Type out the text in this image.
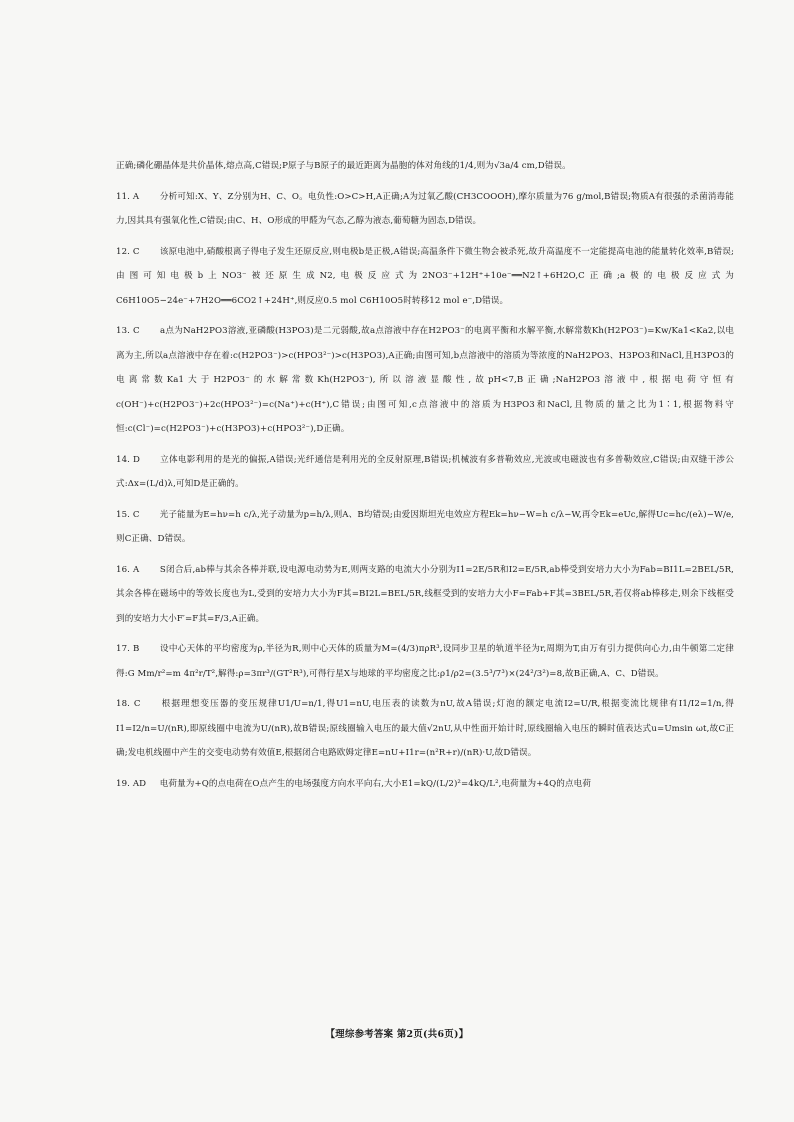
正确;磷化硼晶体是共价晶体,熔点高,C错误;P原子与B原子的最近距离为晶胞的体对角线的1/4,则为√3a/4 cm,D错误。

11. A 分析可知:X、Y、Z分别为H、C、O。电负性:O>C>H,A正确;A为过氧乙酸(CH3COOOH),摩尔质量为76 g/mol,B错误;物质A有很强的杀菌消毒能力,因其具有强氧化性,C错误;由C、H、O形成的甲醛为气态,乙醇为液态,葡萄糖为固态,D错误。

12. C 该原电池中,硝酸根离子得电子发生还原反应,则电极b是正极,A错误;高温条件下微生物会被杀死,故升高温度不一定能提高电池的能量转化效率,B错误;由图可知电极b上NO3⁻被还原生成N2,电极反应式为2NO3⁻+12H⁺+10e⁻══N2↑+6H2O,C正确;a极的电极反应式为C6H10O5−24e⁻+7H2O══6CO2↑+24H⁺,则反应0.5 mol C6H10O5时转移12 mol e⁻,D错误。

13. C a点为NaH2PO3溶液,亚磷酸(H3PO3)是二元弱酸,故a点溶液中存在H2PO3⁻的电离平衡和水解平衡,水解常数Kh(H2PO3⁻)=Kw/Ka1<Ka2,以电离为主,所以a点溶液中存在着:c(H2PO3⁻)>c(HPO3²⁻)>c(H3PO3),A正确;由图可知,b点溶液中的溶质为等浓度的NaH2PO3、H3PO3和NaCl,且H3PO3的电离常数Ka1大于H2PO3⁻的水解常数Kh(H2PO3⁻),所以溶液显酸性,故pH<7,B正确;NaH2PO3溶液中,根据电荷守恒有c(OH⁻)+c(H2PO3⁻)+2c(HPO3²⁻)=c(Na⁺)+c(H⁺),C错误;由图可知,c点溶液中的溶质为H3PO3和NaCl,且物质的量之比为1∶1,根据物料守恒:c(Cl⁻)=c(H2PO3⁻)+c(H3PO3)+c(HPO3²⁻),D正确。

14. D 立体电影利用的是光的偏振,A错误;光纤通信是利用光的全反射原理,B错误;机械波有多普勒效应,光波或电磁波也有多普勒效应,C错误;由双缝干涉公式:Δx=(L/d)λ,可知D是正确的。

15. C 光子能量为E=hν=h c/λ,光子动量为p=h/λ,则A、B均错误;由爱因斯坦光电效应方程Ek=hν−W=h c/λ−W,再令Ek=eUc,解得Uc=hc/(eλ)−W/e,则C正确、D错误。

16. A S闭合后,ab棒与其余各棒并联,设电源电动势为E,则两支路的电流大小分别为I1=2E/5R和I2=E/5R,ab棒受到安培力大小为Fab=BI1L=2BEL/5R,其余各棒在磁场中的等效长度也为L,受到的安培力大小为F其=BI2L=BEL/5R,线框受到的安培力大小F=Fab+F其=3BEL/5R,若仅将ab棒移走,则余下线框受到的安培力大小F′=F其=F/3,A正确。

17. B 设中心天体的平均密度为ρ,半径为R,则中心天体的质量为M=(4/3)πρR³,设同步卫星的轨道半径为r,周期为T,由万有引力提供向心力,由牛顿第二定律得:G Mm/r²=m 4π²r/T²,解得:ρ=3πr³/(GT²R³),可得行星X与地球的平均密度之比:ρ1/ρ2=(3.5³/7³)×(24²/3²)=8,故B正确,A、C、D错误。

18. C 根据理想变压器的变压规律U1/U=n/1,得U1=nU,电压表的读数为nU,故A错误;灯泡的额定电流I2=U/R,根据变流比规律有I1/I2=1/n,得I1=I2/n=U/(nR),即原线圈中电流为U/(nR),故B错误;原线圈输入电压的最大值√2nU,从中性面开始计时,原线圈输入电压的瞬时值表达式u=Umsin ωt,故C正确;发电机线圈中产生的交变电动势有效值E,根据闭合电路欧姆定律E=nU+I1r=(n²R+r)/(nR)·U,故D错误。

19. AD 电荷量为+Q的点电荷在O点产生的电场强度方向水平向右,大小E1=kQ/(L/2)²=4kQ/L²,电荷量为+4Q的点电荷

【理综参考答案 第2页(共6页)】
